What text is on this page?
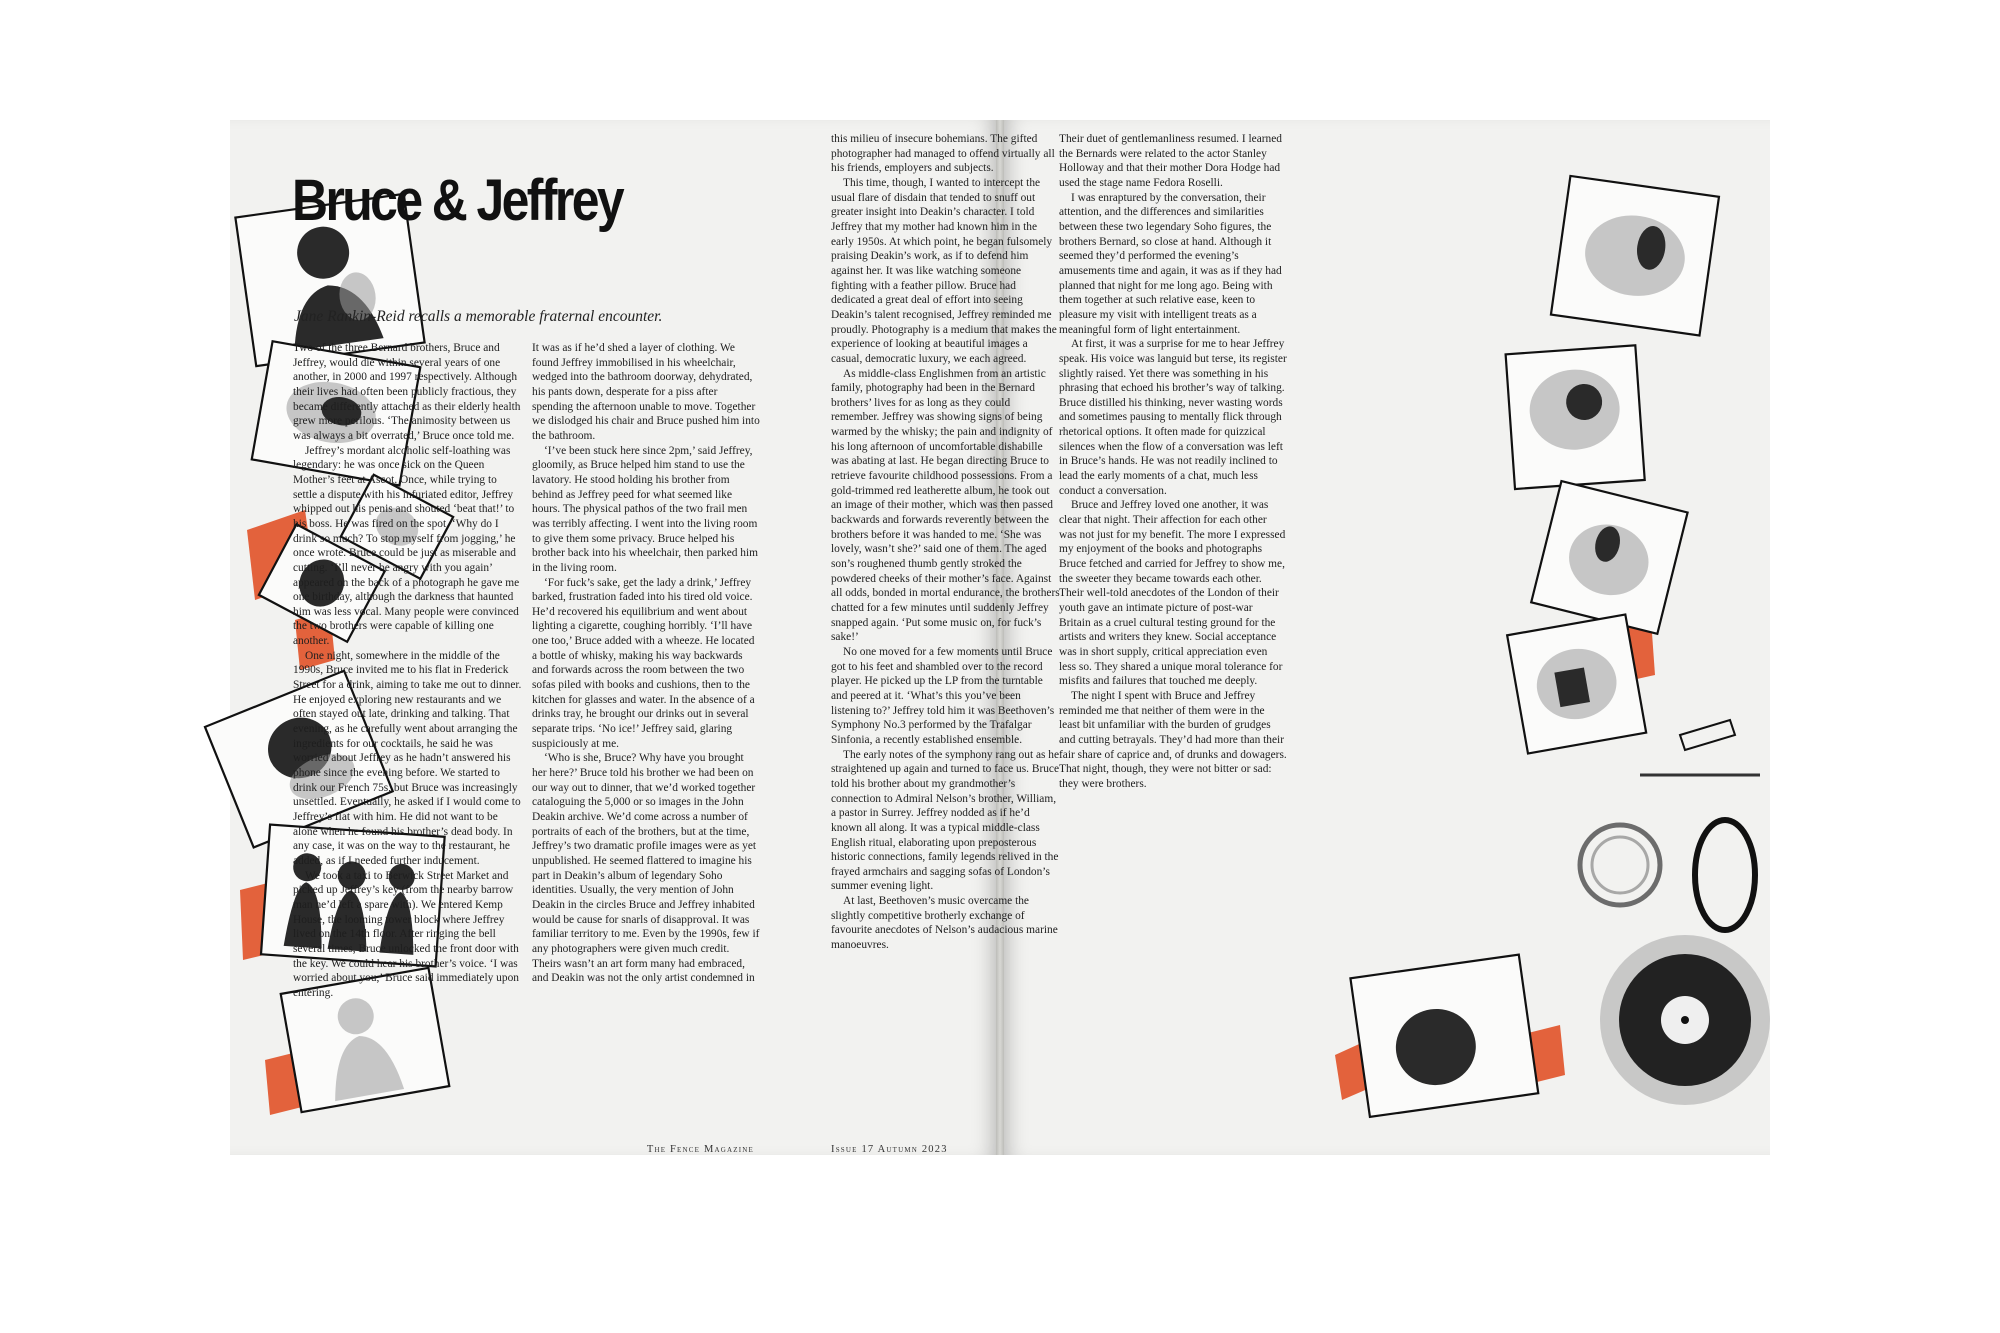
Bruce & Jeffrey

Jane Rankin-Reid recalls a memorable fraternal encounter.

Two of the three Bernard brothers, Bruce and Jeffrey, would die within several years of one another, in 2000 and 1997 respectively. Although their lives had often been publicly fractious, they became differently attached as their elderly health grew more perilous. ‘The animosity between us was always a bit overrated,’ Bruce once told me.

Jeffrey’s mordant alcoholic self-loathing was legendary: he was once sick on the Queen Mother’s feet at Ascot. Once, while trying to settle a dispute with his infuriated editor, Jeffrey whipped out his penis and shouted ‘beat that!’ to his boss. He was fired on the spot. ‘Why do I drink so much? To stop myself from jogging,’ he once wrote. Bruce could be just as miserable and cutting. ‘I’ll never be angry with you again’ appeared on the back of a photograph he gave me one birthday, although the darkness that haunted him was less vocal. Many people were convinced the two brothers were capable of killing one another.

One night, somewhere in the middle of the 1990s, Bruce invited me to his flat in Frederick Street for a drink, aiming to take me out to dinner. He enjoyed exploring new restaurants and we often stayed out late, drinking and talking. That evening, as he carefully went about arranging the ingredients for our cocktails, he said he was worried about Jeffrey as he hadn’t answered his phone since the evening before. We started to drink our French 75s, but Bruce was increasingly unsettled. Eventually, he asked if I would come to Jeffrey’s flat with him. He did not want to be alone when he found his brother’s dead body. In any case, it was on the way to the restaurant, he added, as if I needed further inducement.

We took a taxi to Berwick Street Market and picked up Jeffrey’s key (from the nearby barrow man he’d left a spare with). We entered Kemp House, the looming tower block where Jeffrey lived on the 14th floor. After ringing the bell several times, Bruce unlocked the front door with the key. We could hear his brother’s voice. ‘I was worried about you,’ Bruce said immediately upon entering.

It was as if he’d shed a layer of clothing. We found Jeffrey immobilised in his wheelchair, wedged into the bathroom doorway, dehydrated, his pants down, desperate for a piss after spending the afternoon unable to move. Together we dislodged his chair and Bruce pushed him into the bathroom.

‘I’ve been stuck here since 2pm,’ said Jeffrey, gloomily, as Bruce helped him stand to use the lavatory. He stood holding his brother from behind as Jeffrey peed for what seemed like hours. The physical pathos of the two frail men was terribly affecting. I went into the living room to give them some privacy. Bruce helped his brother back into his wheelchair, then parked him in the living room.

‘For fuck’s sake, get the lady a drink,’ Jeffrey barked, frustration faded into his tired old voice. He’d recovered his equilibrium and went about lighting a cigarette, coughing horribly. ‘I’ll have one too,’ Bruce added with a wheeze. He located a bottle of whisky, making his way backwards and forwards across the room between the two sofas piled with books and cushions, then to the kitchen for glasses and water. In the absence of a drinks tray, he brought our drinks out in several separate trips. ‘No ice!’ Jeffrey said, glaring suspiciously at me.

‘Who is she, Bruce? Why have you brought her here?’ Bruce told his brother we had been on our way out to dinner, that we’d worked together cataloguing the 5,000 or so images in the John Deakin archive. We’d come across a number of portraits of each of the brothers, but at the time, Jeffrey’s two dramatic profile images were as yet unpublished. He seemed flattered to imagine his part in Deakin’s album of legendary Soho identities. Usually, the very mention of John Deakin in the circles Bruce and Jeffrey inhabited would be cause for snarls of disapproval. It was familiar territory to me. Even by the 1990s, few if any photographers were given much credit. Theirs wasn’t an art form many had embraced, and Deakin was not the only artist condemned in

this milieu of insecure bohemians. The gifted photographer had managed to offend virtually all his friends, employers and subjects.

This time, though, I wanted to intercept the usual flare of disdain that tended to snuff out greater insight into Deakin’s character. I told Jeffrey that my mother had known him in the early 1950s. At which point, he began fulsomely praising Deakin’s work, as if to defend him against her. It was like watching someone fighting with a feather pillow. Bruce had dedicated a great deal of effort into seeing Deakin’s talent recognised, Jeffrey reminded me proudly. Photography is a medium that makes the experience of looking at beautiful images a casual, democratic luxury, we each agreed.

As middle-class Englishmen from an artistic family, photography had been in the Bernard brothers’ lives for as long as they could remember. Jeffrey was showing signs of being warmed by the whisky; the pain and indignity of his long afternoon of uncomfortable dishabille was abating at last. He began directing Bruce to retrieve favourite childhood possessions. From a gold-trimmed red leatherette album, he took out an image of their mother, which was then passed backwards and forwards reverently between the brothers before it was handed to me. ‘She was lovely, wasn’t she?’ said one of them. The aged son’s roughened thumb gently stroked the powdered cheeks of their mother’s face. Against all odds, bonded in mortal endurance, the brothers chatted for a few minutes until suddenly Jeffrey snapped again. ‘Put some music on, for fuck’s sake!’

No one moved for a few moments until Bruce got to his feet and shambled over to the record player. He picked up the LP from the turntable and peered at it. ‘What’s this you’ve been listening to?’ Jeffrey told him it was Beethoven’s Symphony No.3 performed by the Trafalgar Sinfonia, a recently established ensemble.

The early notes of the symphony rang out as he straightened up again and turned to face us. Bruce told his brother about my grandmother’s connection to Admiral Nelson’s brother, William, a pastor in Surrey. Jeffrey nodded as if he’d known all along. It was a typical middle-class English ritual, elaborating upon preposterous historic connections, family legends relived in the frayed armchairs and sagging sofas of London’s summer evening light.

At last, Beethoven’s music overcame the slightly competitive brotherly exchange of favourite anecdotes of Nelson’s audacious marine manoeuvres.

Their duet of gentlemanliness resumed. I learned the Bernards were related to the actor Stanley Holloway and that their mother Dora Hodge had used the stage name Fedora Roselli.

I was enraptured by the conversation, their attention, and the differences and similarities between these two legendary Soho figures, the brothers Bernard, so close at hand. Although it seemed they’d performed the evening’s amusements time and again, it was as if they had planned that night for me long ago. Being with them together at such relative ease, keen to pleasure my visit with intelligent treats as a meaningful form of light entertainment.

At first, it was a surprise for me to hear Jeffrey speak. His voice was languid but terse, its register slightly raised. Yet there was something in his phrasing that echoed his brother’s way of talking. Bruce distilled his thinking, never wasting words and sometimes pausing to mentally flick through rhetorical options. It often made for quizzical silences when the flow of a conversation was left in Bruce’s hands. He was not readily inclined to lead the early moments of a chat, much less conduct a conversation.

Bruce and Jeffrey loved one another, it was clear that night. Their affection for each other was not just for my benefit. The more I expressed my enjoyment of the books and photographs Bruce fetched and carried for Jeffrey to show me, the sweeter they became towards each other. Their well-told anecdotes of the London of their youth gave an intimate picture of post-war Britain as a cruel cultural testing ground for the artists and writers they knew. Social acceptance was in short supply, critical appreciation even less so. They shared a unique moral tolerance for misfits and failures that touched me deeply.

The night I spent with Bruce and Jeffrey reminded me that neither of them were in the least bit unfamiliar with the burden of grudges and cutting betrayals. They’d had more than their fair share of caprice and, of drunks and dowagers. That night, though, they were not bitter or sad: they were brothers.

The Fence Magazine	Issue 17 Autumn 2023
